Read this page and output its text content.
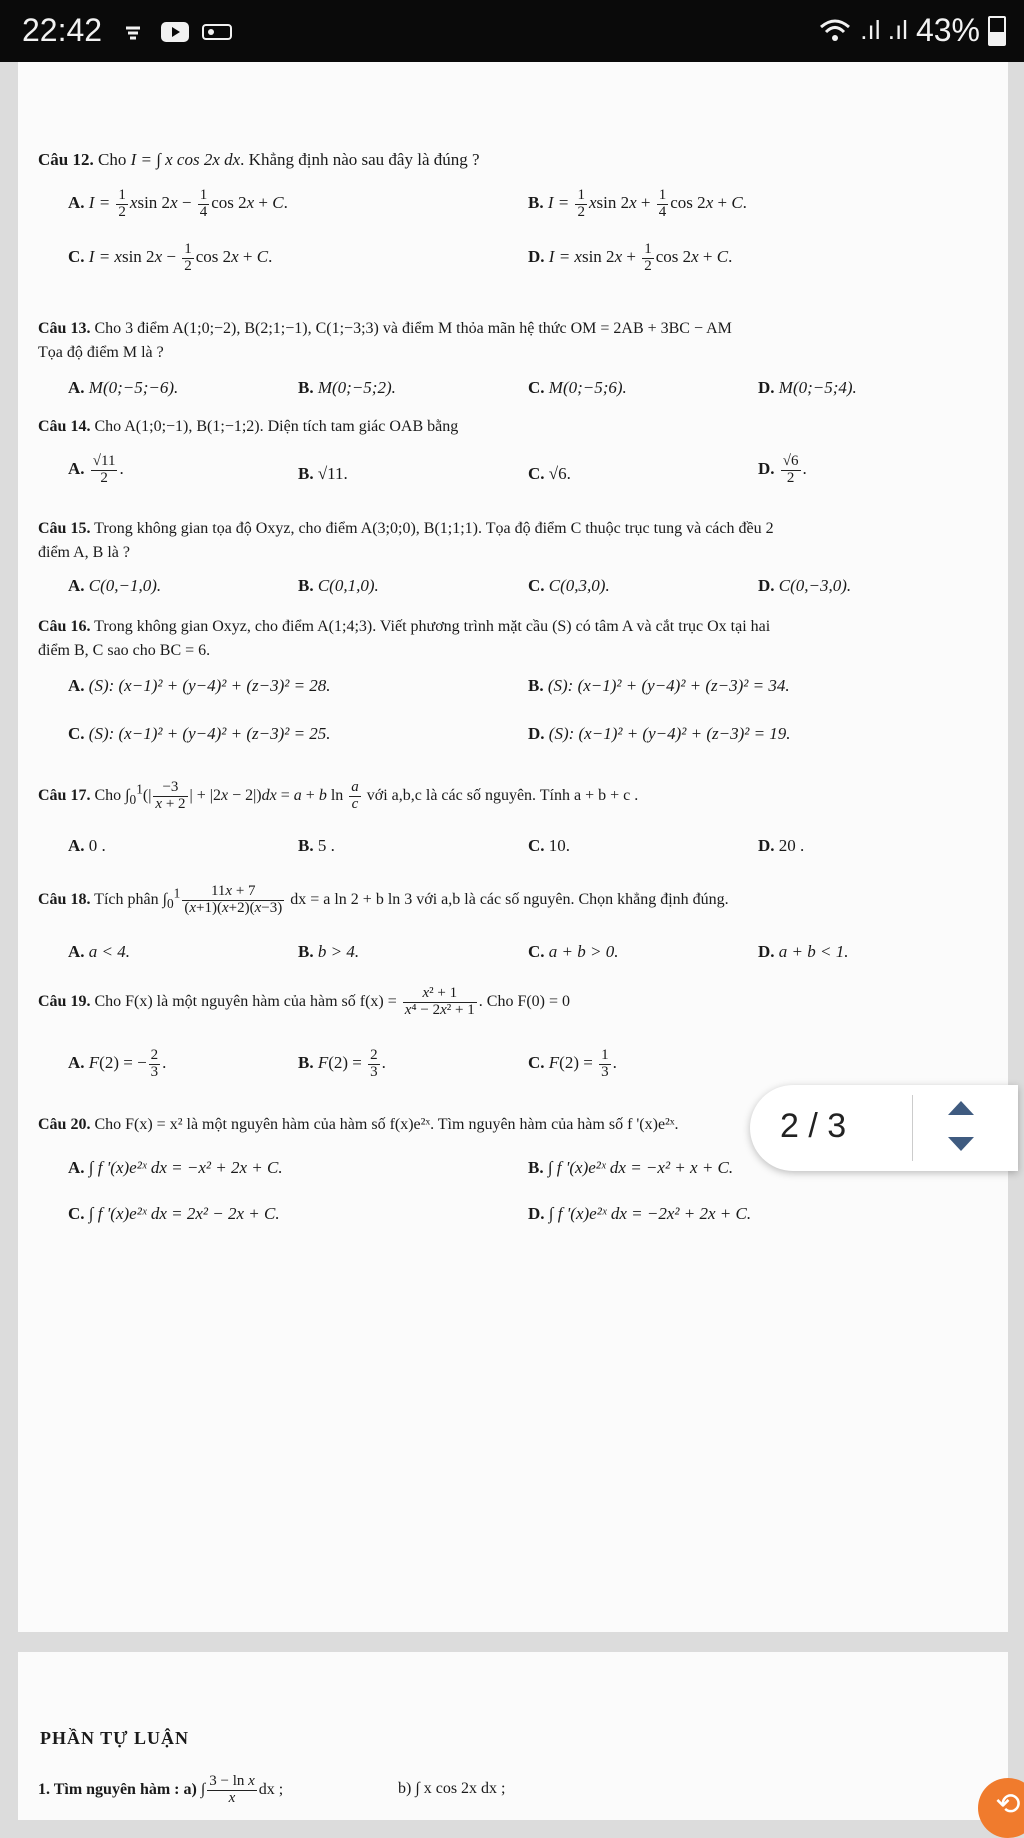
22:42	.ıl .ıl 43%
Câu 12. Cho I = ∫ x cos 2x dx. Khẳng định nào sau đây là đúng ?
A. $I = \frac{1}{2}$ xsin $2x - \frac{1}{4}$ cos 2x + C.	B. $I = \frac{1}{2}$ xsin $2x + \frac{1}{4}$ cos 2x + C.
C. I = xsin $2x - \frac{1}{2}$ cos 2x + C.	D. I = xsin $2x + \frac{1}{2}$ cos 2x + C.
Câu 13. Cho 3 điểm A(1;0;−2), B(2;1;−1), C(1;−3;3) và điểm M thỏa mãn hệ thức OM = 2AB + 3BC − AM
Tọa độ điểm M là ?
A. M(0;−5;−6).	B. M(0;−5;2).	C. M(0;−5;6).	D. M(0;−5;4).
Câu 14. Cho A(1;0;−1), B(1;−1;2). Diện tích tam giác OAB bằng
A. $\frac{√11}{2}$ .	B. √11.	C. √6.	D. $\frac{√6}{2}$ .
Câu 15. Trong không gian tọa độ Oxyz, cho điểm A(3;0;0), B(1;1;1). Tọa độ điểm C thuộc trục tung và cách đều 2
điểm A, B là ?
A. C(0,−1,0).	B. C(0,1,0).	C. C(0,3,0).	D. C(0,−3,0).
Câu 16. Trong không gian Oxyz, cho điểm A(1;4;3). Viết phương trình mặt cầu (S) có tâm A và cắt trục Ox tại hai
điểm B, C sao cho BC = 6.
A. (S): (x−1)² + (y−4)² + (z−3)² = 28.	B. (S): (x−1)² + (y−4)² + (z−3)² = 34.
C. (S): (x−1)² + (y−4)² + (z−3)² = 25.	D. (S): (x−1)² + (y−4)² + (z−3)² = 19.
Câu 17. Cho $\int_0^1(| \frac{-3}{x + 2}$ | + |2x − 2|)dx = a + b $\ln \frac{a}{c}$ với a,b,c là các số nguyên. Tính a + b + c .
A. 0 .	B. 5 .	C. 10.	D. 20 .
Câu 18. Tích phân $\int_0^1 \frac{11x + 7}{(x+1)(x+2)(x-3)}$ dx = a ln 2 + b ln 3 với a,b là các số nguyên. Chọn khẳng định đúng.
A. a < 4.	B. b > 4.	C. a + b > 0.	D. a + b < 1.
Câu 19. Cho F(x) là một nguyên hàm của hàm số $f(x) = \frac{\text{x² + 1}}{\text{x⁴ − 2x² + 1}}$ . Cho F(0) = 0
A. F(2) = − $\frac{2}{3}$ .	B. $F(2) = \frac{2}{3}$ .	C. $F(2) = \frac{1}{3}$ .
Câu 20. Cho F(x) = x² là một nguyên hàm của hàm số f(x)e²ˣ. Tìm nguyên hàm của hàm số f '(x)e²ˣ.
A. ∫ f '(x)e²ˣ dx = −x² + 2x + C.	B. ∫ f '(x)e²ˣ dx = −x² + x + C.
C. ∫ f '(x)e²ˣ dx = 2x² − 2x + C.	D. ∫ f '(x)e²ˣ dx = −2x² + 2x + C.
PHẦN TỰ LUẬN
1. Tìm nguyên hàm : a) ∫ $\frac{\text{3 − ln x}}{x}$ dx ;	b) ∫ x cos 2x dx ;
2 / 3
⟲
